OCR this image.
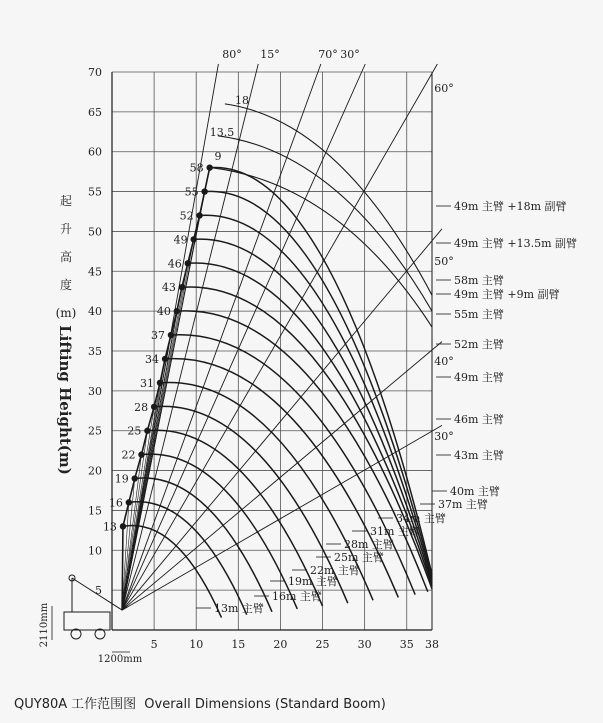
5
10
15
20
25
30
35
40
45
50
55
60
65
70
5	10	15	20	25	30	35 38
起
升
高
度
(m)
Lifting Height(m)
13
16
19
22
25
28
31
34
37
40
43
46
49
52
55
58
80° 15°	70° 30°
60°
50°
40°
30°
18
13.5
9
13m 主臂
16m 主臂
19m 主臂
22m 主臂
25m 主臂
28m 主臂
31m 主臂
34m 主臂
37m 主臂
40m 主臂
43m 主臂
46m 主臂
49m 主臂
52m 主臂
55m 主臂
58m 主臂
49m 主臂 +9m 副臂
49m 主臂 +13.5m 副臂
49m 主臂 +18m 副臂
2110mm
1200mm
QUY80A 工作范围图 Overall Dimensions (Standard Boom)
